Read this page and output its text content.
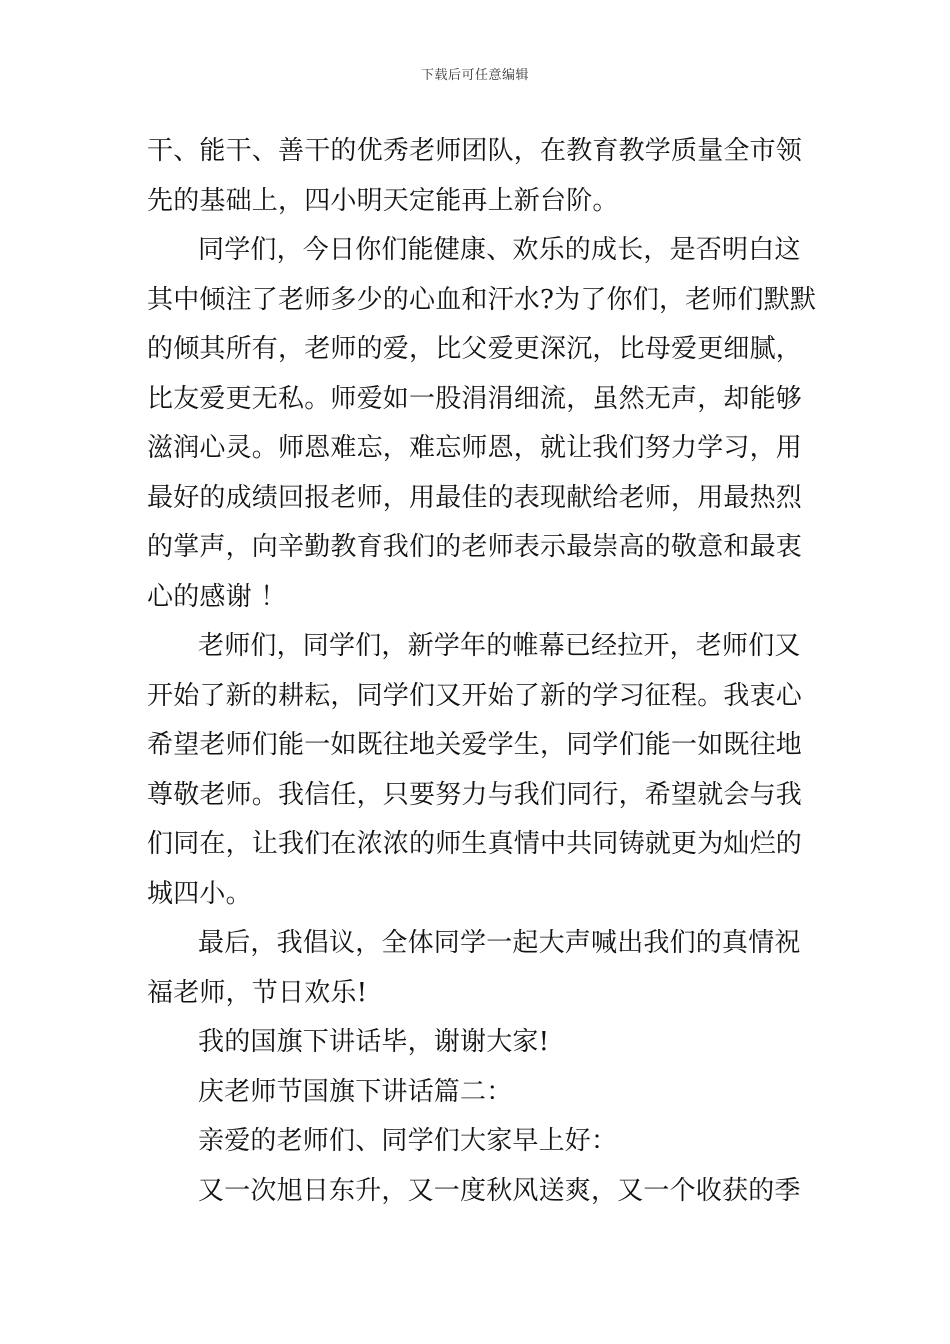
下载后可任意编辑
干、能干、善干的优秀老师团队，在教育教学质量全市领
先的基础上，四小明天定能再上新台阶。
同学们，今日你们能健康、欢乐的成长，是否明白这
其中倾注了老师多少的心血和汗水?为了你们，老师们默默
的倾其所有，老师的爱，比父爱更深沉，比母爱更细腻，
比友爱更无私。师爱如一股涓涓细流，虽然无声，却能够
滋润心灵。师恩难忘，难忘师恩，就让我们努力学习，用
最好的成绩回报老师，用最佳的表现献给老师，用最热烈
的掌声，向辛勤教育我们的老师表示最崇高的敬意和最衷
心的感谢 ！
老师们，同学们，新学年的帷幕已经拉开，老师们又
开始了新的耕耘，同学们又开始了新的学习征程。我衷心
希望老师们能一如既往地关爱学生，同学们能一如既往地
尊敬老师。我信任，只要努力与我们同行，希望就会与我
们同在，让我们在浓浓的师生真情中共同铸就更为灿烂的
城四小。
最后，我倡议，全体同学一起大声喊出我们的真情祝
福老师，节日欢乐!
我的国旗下讲话毕，谢谢大家!
庆老师节国旗下讲话篇二：
亲爱的老师们、同学们大家早上好：
又一次旭日东升，又一度秋风送爽，又一个收获的季
